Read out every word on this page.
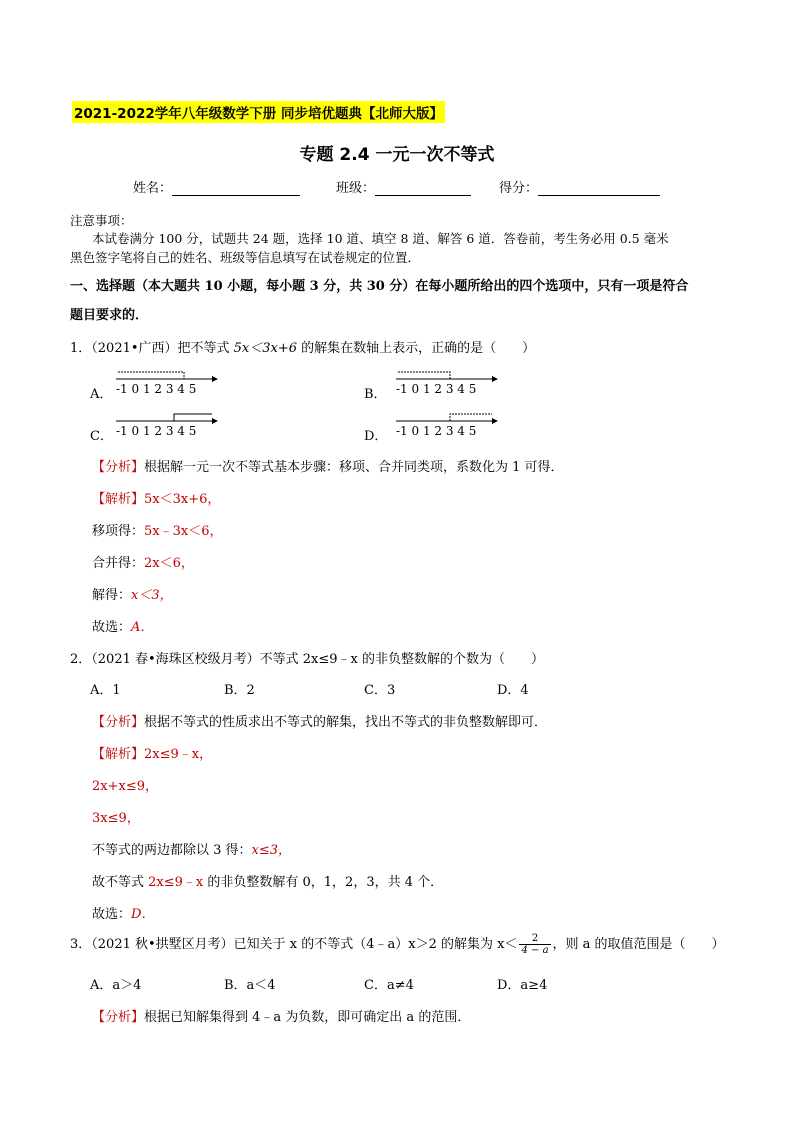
2021-2022学年八年级数学下册 同步培优题典【北师大版】
专题 2.4 一元一次不等式
姓名：	班级：	得分：
注意事项：
本试卷满分 100 分，试题共 24 题，选择 10 道、填空 8 道、解答 6 道．答卷前，考生务必用 0.5 毫米
黑色签字笔将自己的姓名、班级等信息填写在试卷规定的位置．
一、选择题（本大题共 10 小题，每小题 3 分，共 30 分）在每小题所给出的四个选项中，只有一项是符合
题目要求的．
1．（2021•广西）把不等式 5x＜3x+6 的解集在数轴上表示，正确的是（　　）
A． -1 0 1 2 3 4 5	B． -1 0 1 2 3 4 5
C． -1 0 1 2 3 4 5	D． -1 0 1 2 3 4 5
【分析】根据解一元一次不等式基本步骤：移项、合并同类项，系数化为 1 可得．
【解析】5x＜3x+6，
移项得：5x﹣3x＜6，
合并得：2x＜6，
解得：x＜3，
故选：A．
2．（2021 春•海珠区校级月考）不等式 2x≤9﹣x 的非负整数解的个数为（　　）
A．1	B．2	C．3	D．4
【分析】根据不等式的性质求出不等式的解集，找出不等式的非负整数解即可．
【解析】2x≤9﹣x，
2x+x≤9，
3x≤9，
不等式的两边都除以 3 得：x≤3，
故不等式 2x≤9﹣x 的非负整数解有 0，1，2，3，共 4 个．
故选：D．
3．（2021 秋•拱墅区月考）已知关于 x 的不等式（4﹣a）x＞2 的解集为 $x< \frac{2}{4 - a}$ ，则 a 的取值范围是（　　）
A．a＞4	B．a＜4	C．a≠4	D．a≥4
【分析】根据已知解集得到 4﹣a 为负数，即可确定出 a 的范围．
